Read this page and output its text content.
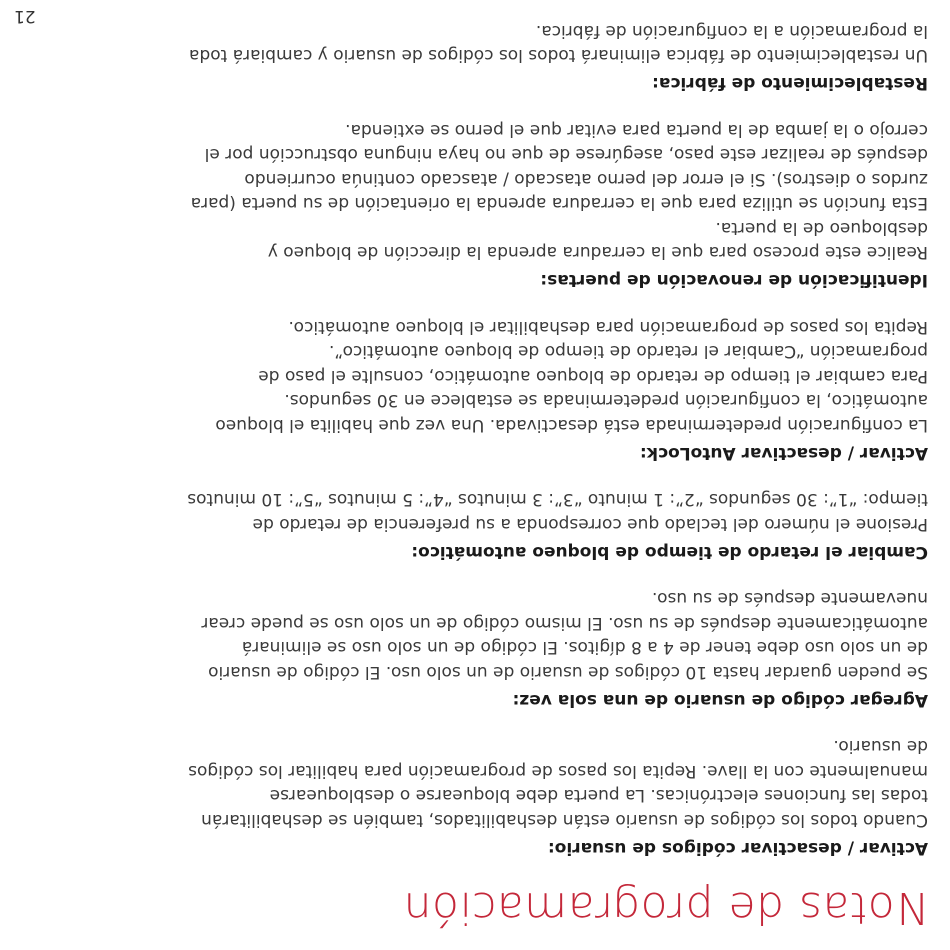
Notas de programación
Activar / desactivar códigos de usuario:

Cuando todos los códigos de usuario están deshabilitados, también se deshabilitarán
todas las funciones electrónicas. La puerta debe bloquearse o desbloquearse
manualmente con la llave. Repita los pasos de programación para habilitar los códigos
de usuario.

Agregar código de usuario de una sola vez:

Se pueden guardar hasta 10 códigos de usuario de un solo uso. El código de usuario
de un solo uso debe tener de 4 a 8 dígitos. El código de un solo uso se eliminará
automáticamente después de su uso. El mismo código de un solo uso se puede crear
nuevamente después de su uso.

Cambiar el retardo de tiempo de bloqueo automático:

Presione el número del teclado que corresponda a su preferencia de retardo de
tiempo: “1”: 30 segundos “2”: 1 minuto “3”: 3 minutos “4”: 5 minutos “5”: 10 minutos

Activar / desactivar AutoLock:

La configuración predeterminada está desactivada. Una vez que habilita el bloqueo
automático, la configuración predeterminada se establece en 30 segundos.
Para cambiar el tiempo de retardo de bloqueo automático, consulte el paso de
programación “Cambiar el retardo de tiempo de bloqueo automático”.
Repita los pasos de programación para deshabilitar el bloqueo automático.

Identificación de renovación de puertas:

Realice este proceso para que la cerradura aprenda la dirección de bloqueo y
desbloqueo de la puerta.
Esta función se utiliza para que la cerradura aprenda la orientación de su puerta (para
zurdos o diestros). Si el error del perno atascado / atascado continúa ocurriendo
después de realizar este paso, asegúrese de que no haya ninguna obstrucción por el
cerrojo o la jamba de la puerta para evitar que el perno se extienda.

Restablecimiento de fábrica:

Un restablecimiento de fábrica eliminará todos los códigos de usuario y cambiará toda
la programación a la configuración de fábrica.

21
